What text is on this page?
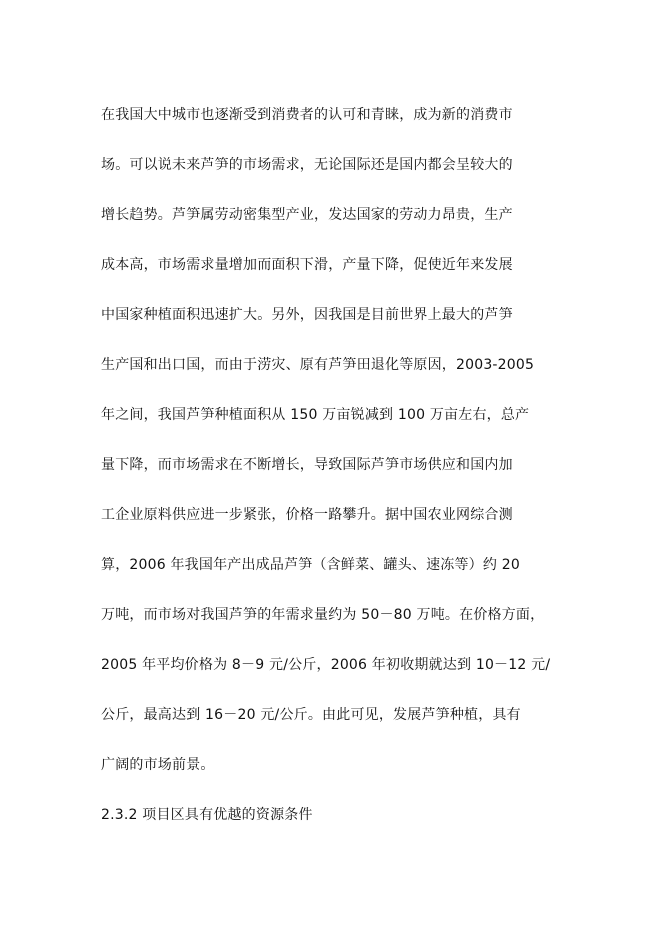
在我国大中城市也逐渐受到消费者的认可和青睐，成为新的消费市
场。可以说未来芦笋的市场需求，无论国际还是国内都会呈较大的
增长趋势。芦笋属劳动密集型产业，发达国家的劳动力昂贵，生产
成本高，市场需求量增加而面积下滑，产量下降，促使近年来发展
中国家种植面积迅速扩大。另外，因我国是目前世界上最大的芦笋
生产国和出口国，而由于涝灾、原有芦笋田退化等原因，2003-2005
年之间，我国芦笋种植面积从 150 万亩锐减到 100 万亩左右，总产
量下降，而市场需求在不断增长，导致国际芦笋市场供应和国内加
工企业原料供应进一步紧张，价格一路攀升。据中国农业网综合测
算，2006 年我国年产出成品芦笋（含鲜菜、罐头、速冻等）约 20
万吨，而市场对我国芦笋的年需求量约为 50－80 万吨。在价格方面，
2005 年平均价格为 8－9 元/公斤，2006 年初收期就达到 10－12 元/
公斤，最高达到 16－20 元/公斤。由此可见，发展芦笋种植，具有
广阔的市场前景。
2.3.2 项目区具有优越的资源条件
